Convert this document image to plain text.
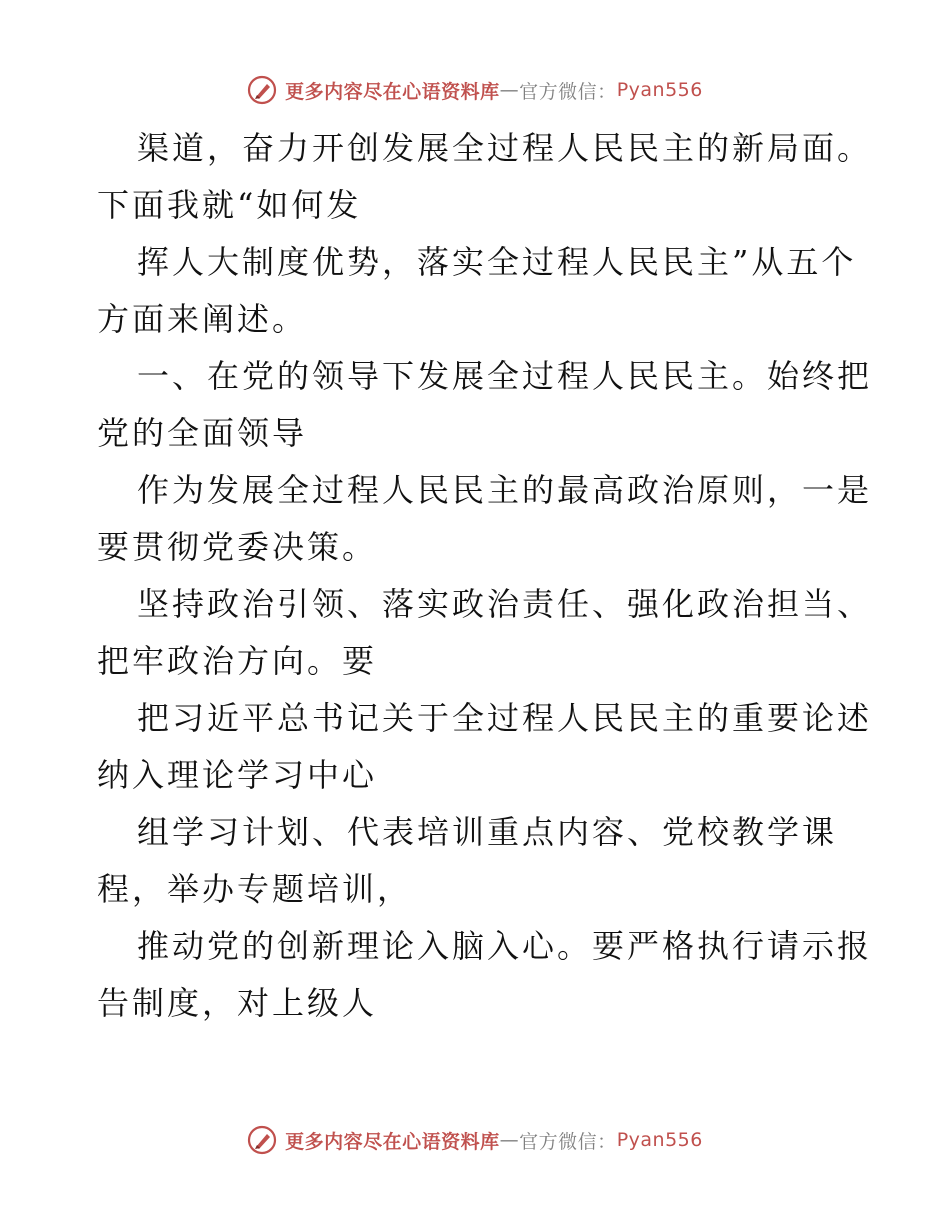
更多内容尽在心语资料库 — 官方微信： Pyan556

渠道，奋力开创发展全过程人民民主的新局面。
下面我就“如何发

挥人大制度优势，落实全过程人民民主”从五个
方面来阐述。

一、在党的领导下发展全过程人民民主。始终把
党的全面领导

作为发展全过程人民民主的最高政治原则，一是
要贯彻党委决策。

坚持政治引领、落实政治责任、强化政治担当、
把牢政治方向。要

把习近平总书记关于全过程人民民主的重要论述
纳入理论学习中心

组学习计划、代表培训重点内容、党校教学课
程，举办专题培训，

推动党的创新理论入脑入心。要严格执行请示报
告制度，对上级人

更多内容尽在心语资料库 — 官方微信： Pyan556
